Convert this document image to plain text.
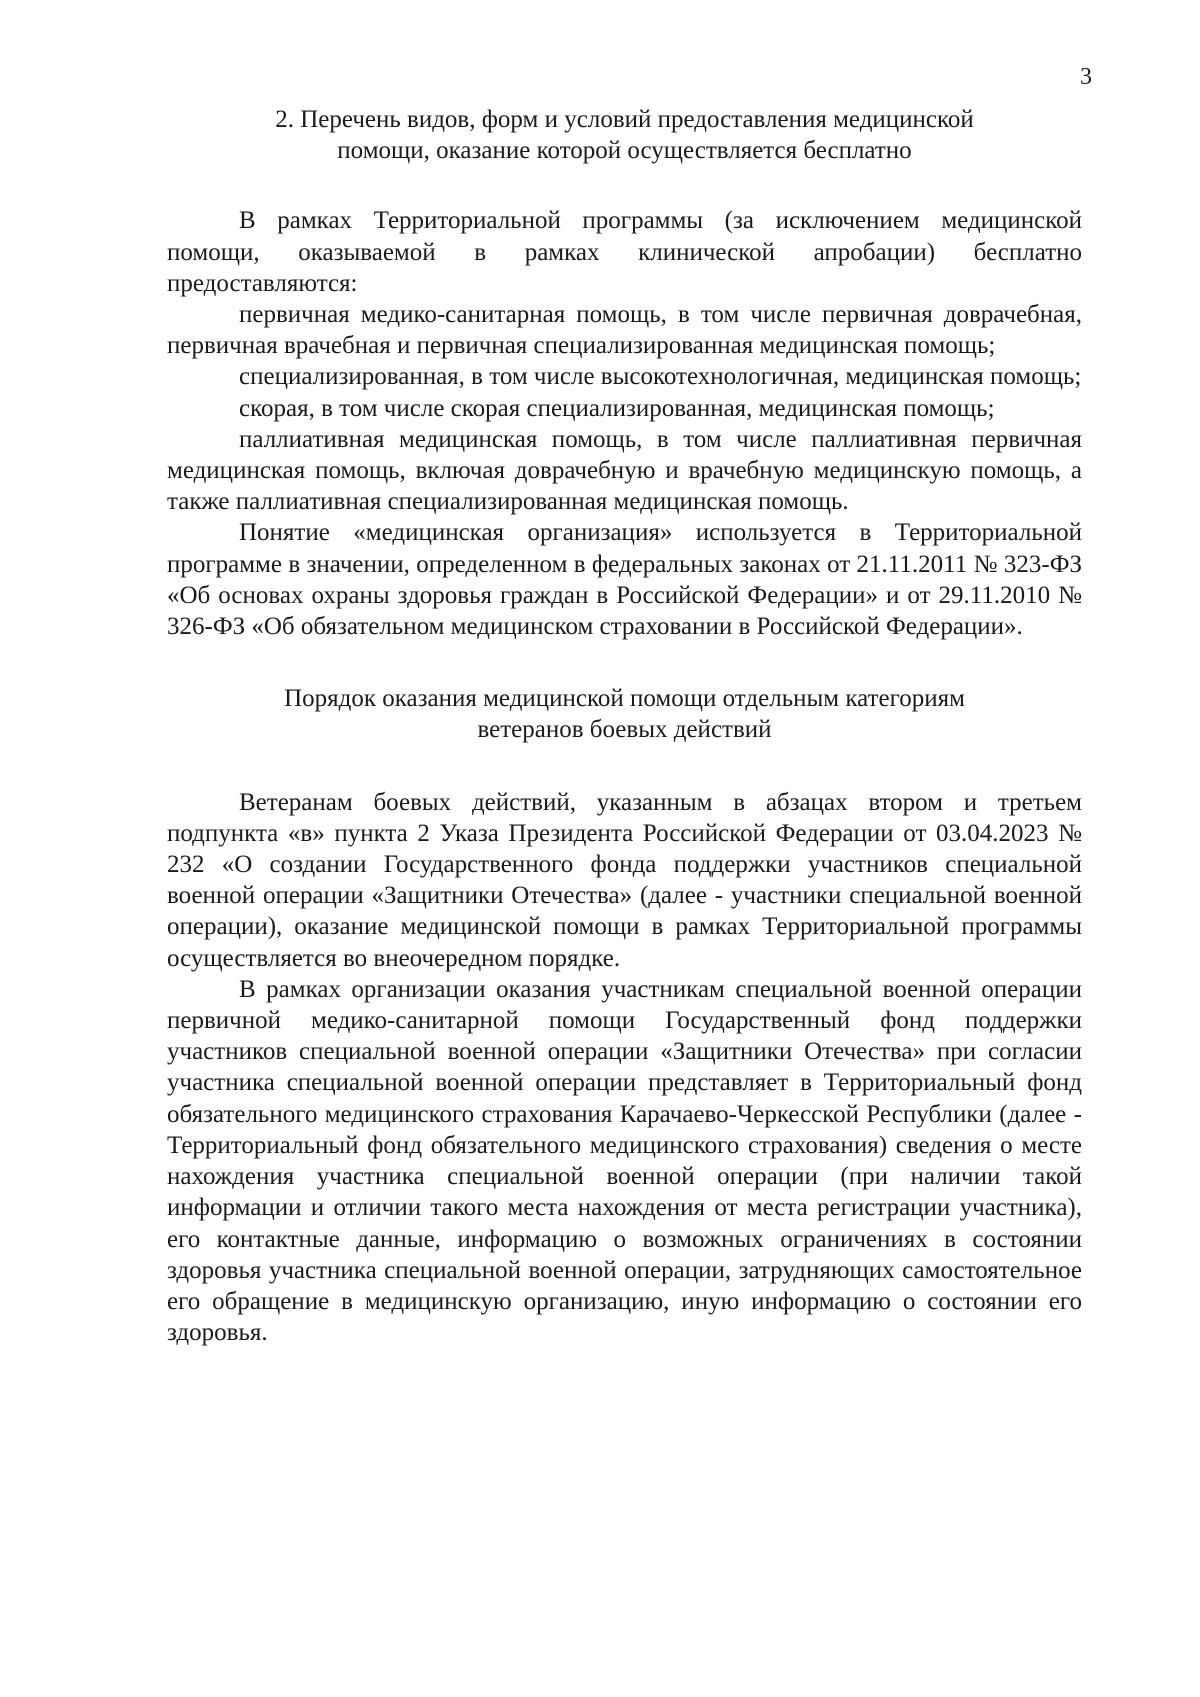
3

2. Перечень видов, форм и условий предоставления медицинской
помощи, оказание которой осуществляется бесплатно

В рамках Территориальной программы (за исключением медицинской помощи, оказываемой в рамках клинической апробации) бесплатно предоставляются:

первичная медико-санитарная помощь, в том числе первичная доврачебная, первичная врачебная и первичная специализированная медицинская помощь;

специализированная, в том числе высокотехнологичная, медицинская помощь;

скорая, в том числе скорая специализированная, медицинская помощь;

паллиативная медицинская помощь, в том числе паллиативная первичная медицинская помощь, включая доврачебную и врачебную медицинскую помощь, а также паллиативная специализированная медицинская помощь.

Понятие «медицинская организация» используется в Территориальной программе в значении, определенном в федеральных законах от 21.11.2011 № 323-ФЗ «Об основах охраны здоровья граждан в Российской Федерации» и от 29.11.2010 № 326-ФЗ «Об обязательном медицинском страховании в Российской Федерации».

Порядок оказания медицинской помощи отдельным категориям
ветеранов боевых действий

Ветеранам боевых действий, указанным в абзацах втором и третьем подпункта «в» пункта 2 Указа Президента Российской Федерации от 03.04.2023 № 232 «О создании Государственного фонда поддержки участников специальной военной операции «Защитники Отечества» (далее - участники специальной военной операции), оказание медицинской помощи в рамках Территориальной программы осуществляется во внеочередном порядке.

В рамках организации оказания участникам специальной военной операции первичной медико-санитарной помощи Государственный фонд поддержки участников специальной военной операции «Защитники Отечества» при согласии участника специальной военной операции представляет в Территориальный фонд обязательного медицинского страхования Карачаево-Черкесской Республики (далее - Территориальный фонд обязательного медицинского страхования) сведения о месте нахождения участника специальной военной операции (при наличии такой информации и отличии такого места нахождения от места регистрации участника), его контактные данные, информацию о возможных ограничениях в состоянии здоровья участника специальной военной операции, затрудняющих самостоятельное его обращение в медицинскую организацию, иную информацию о состоянии его здоровья.
